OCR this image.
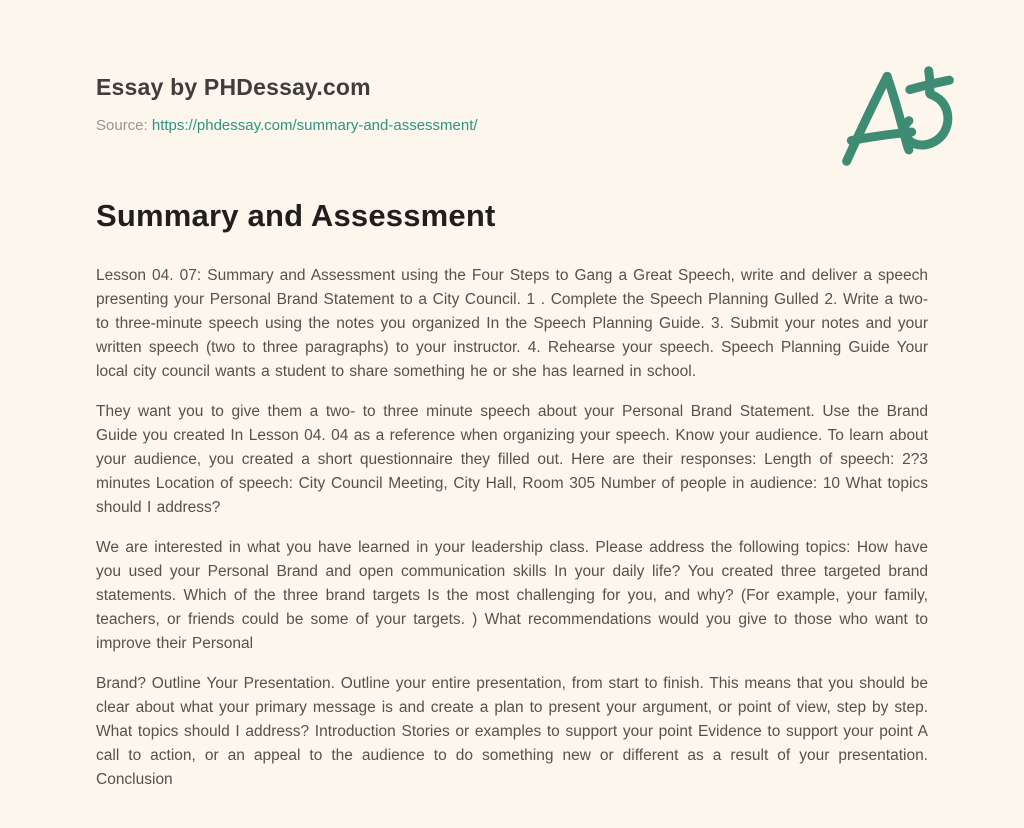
Essay by PHDessay.com
Source: https://phdessay.com/summary-and-assessment/
Summary and Assessment

Lesson 04. 07: Summary and Assessment using the Four Steps to Gang a Great Speech, write and deliver a speech presenting your Personal Brand Statement to a City Council. 1 . Complete the Speech Planning Gulled 2. Write a two- to three-minute speech using the notes you organized In the Speech Planning Guide. 3. Submit your notes and your written speech (two to three paragraphs) to your instructor. 4. Rehearse your speech. Speech Planning Guide Your local city council wants a student to share something he or she has learned in school.

They want you to give them a two- to three minute speech about your Personal Brand Statement. Use the Brand Guide you created In Lesson 04. 04 as a reference when organizing your speech. Know your audience. To learn about your audience, you created a short questionnaire they filled out. Here are their responses: Length of speech: 2?3 minutes Location of speech: City Council Meeting, City Hall, Room 305 Number of people in audience: 10 What topics should I address?

We are interested in what you have learned in your leadership class. Please address the following topics: How have you used your Personal Brand and open communication skills In your daily life? You created three targeted brand statements. Which of the three brand targets Is the most challenging for you, and why? (For example, your family, teachers, or friends could be some of your targets. ) What recommendations would you give to those who want to improve their Personal

Brand? Outline Your Presentation. Outline your entire presentation, from start to finish. This means that you should be clear about what your primary message is and create a plan to present your argument, or point of view, step by step. What topics should I address? Introduction Stories or examples to support your point Evidence to support your point A call to action, or an appeal to the audience to do something new or different as a result of your presentation. Conclusion
